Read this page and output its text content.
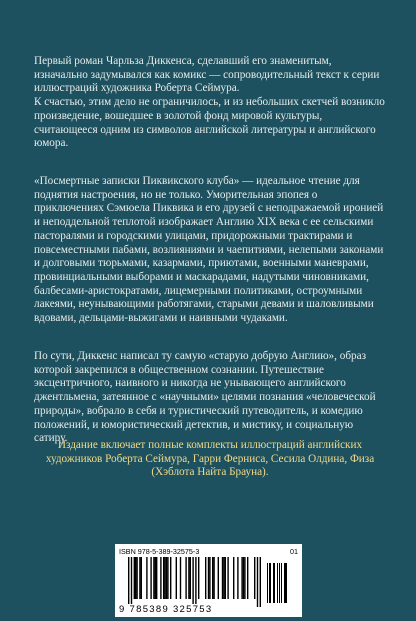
Первый роман Чарльза Диккенса, сделавший его знаменитым, изначально задумывался как комикс — сопроводительный текст к серии иллюстраций художника Роберта Сеймура.

К счастью, этим дело не ограничилось, и из небольших скетчей возникло произведение, вошедшее в золотой фонд мировой культуры, считающееся одним из символов английской литературы и английского юмора.

«Посмертные записки Пиквикского клуба» — идеальное чтение для поднятия настроения, но не только. Уморительная эпопея о приключениях Сэмюела Пиквика и его друзей с неподражаемой иронией и неподдельной теплотой изображает Англию XIX века с ее сельскими пасторалями и городскими улицами, придорожными трактирами и повсеместными пабами, возлияниями и чаепитиями, нелепыми законами и долговыми тюрьмами, казармами, приютами, военными маневрами, провинциальными выборами и маскарадами, надутыми чиновниками, балбесами-аристократами, лицемерными политиками, остроумными лакеями, неунывающими работягами, старыми девами и шаловливыми вдовами, дельцами-выжигами и наивными чудаками.

По сути, Диккенс написал ту самую «старую добрую Англию», образ которой закрепился в общественном сознании. Путешествие эксцентричного, наивного и никогда не унывающего английского джентльмена, затеянное с «научными» целями познания «человеческой природы», вобрало в себя и туристический путеводитель, и комедию положений, и юмористический детектив, и мистику, и социальную сатиру.

Издание включает полные комплекты иллюстраций английских художников Роберта Сеймура, Гарри Ферниса, Сесила Олдина, Физа (Хэблота Найта Брауна).

ISBN 978-5-389-32575-3	01
9 785389 325753
